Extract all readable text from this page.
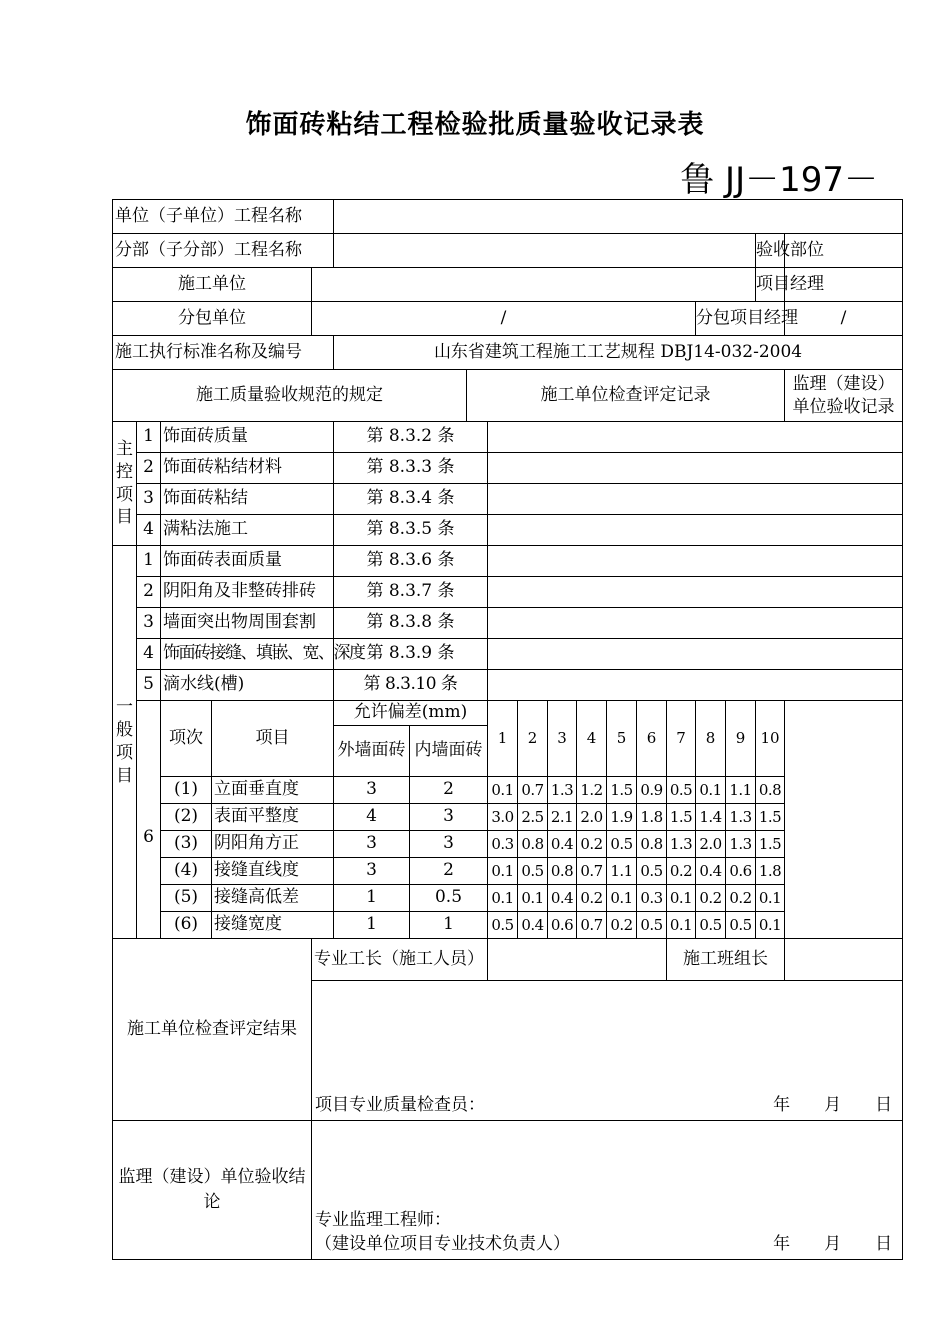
饰面砖粘结工程检验批质量验收记录表
鲁 JJ－197－
单位（子单位）工程名称																			
分部（子分部）工程名称																	验收部位		
施工单位																	项目经理		
分包单位				/											分包项目经理			/	
施工执行标准名称及编号					山东省建筑工程施工工艺规程 DBJ14-032-2004														
施工质量验收规范的规定							施工单位检查评定记录											监理（建设）单位验收记录	
主
控
项
目	1	饰面砖质量			第 8.3.2 条														
	2	饰面砖粘结材料			第 8.3.3 条														
	3	饰面砖粘结			第 8.3.4 条														
	4	满粘法施工			第 8.3.5 条														
一
般
项
目	1	饰面砖表面质量			第 8.3.6 条														
	2	阴阳角及非整砖排砖			第 8.3.7 条														
	3	墙面突出物周围套割			第 8.3.8 条														
	4	饰面砖接缝、填嵌、宽、深度			第 8.3.9 条														
	5	滴水线(槽)			第 8.3.10 条														
	6	项次	项目		允许偏差(mm)			1	2	3	4	5	6	7	8	9	10		
					外墙面砖	内墙面砖													
		(1)	立面垂直度		3	2		0.1	0.7	1.3	1.2	1.5	0.9	0.5	0.1	1.1	0.8		
		(2)	表面平整度		4	3		3.0	2.5	2.1	2.0	1.9	1.8	1.5	1.4	1.3	1.5		
		(3)	阴阳角方正		3	3		0.3	0.8	0.4	0.2	0.5	0.8	1.3	2.0	1.3	1.5		
		(4)	接缝直线度		3	2		0.1	0.5	0.8	0.7	1.1	0.5	0.2	0.4	0.6	1.8		
		(5)	接缝高低差		1	0.5		0.1	0.1	0.4	0.2	0.1	0.3	0.1	0.2	0.2	0.1		
		(6)	接缝宽度		1	1		0.5	0.4	0.6	0.7	0.2	0.5	0.1	0.5	0.5	0.1		
施工单位检查评定结果				专业工长（施工人员）										施工班组长					

				项目专业质量检查员： 年 月 日															

监理（建设）单位验收结论				专业监理工程师：
（建设单位项目专业技术负责人） 年 月 日															
